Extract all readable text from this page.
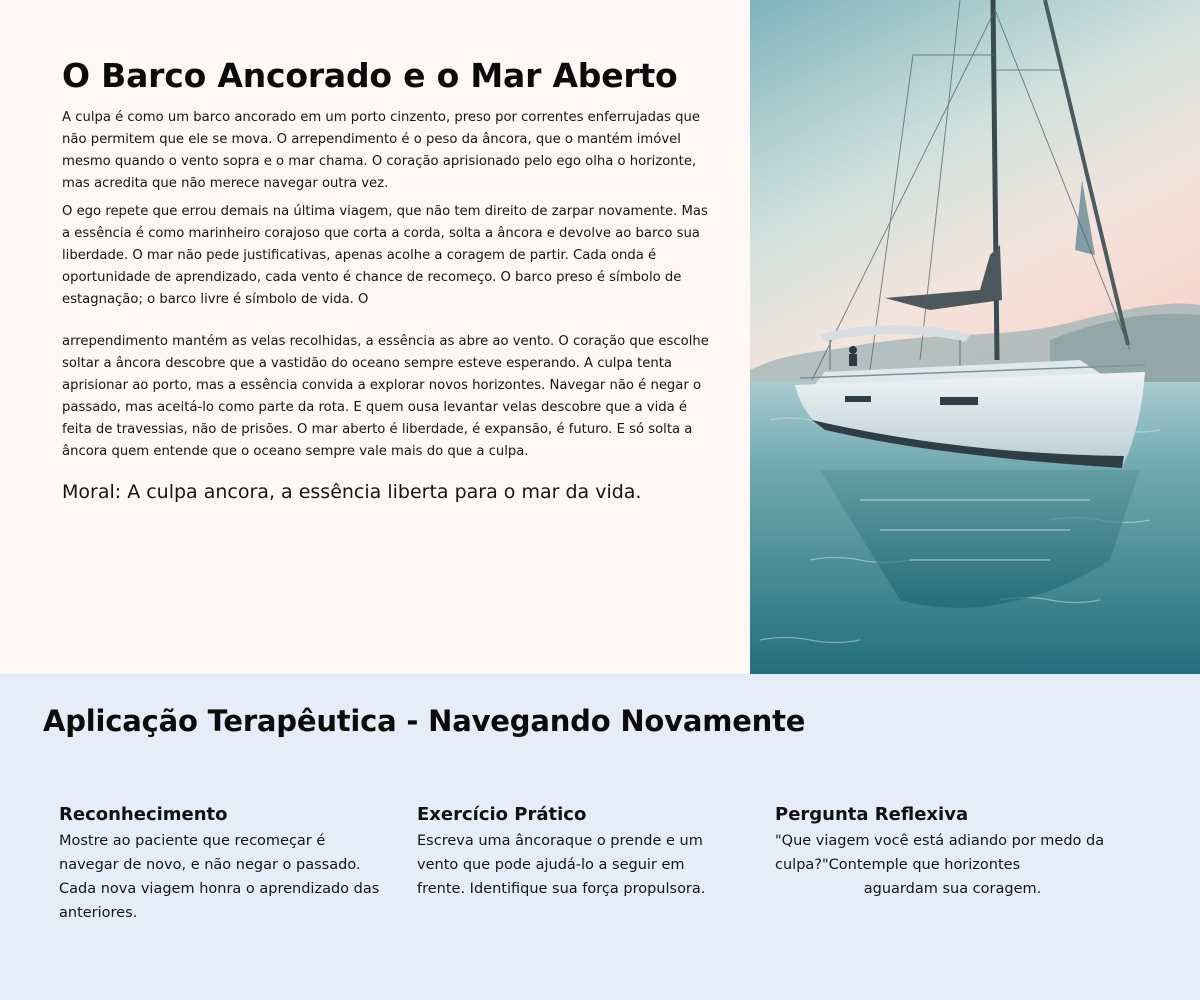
O Barco Ancorado e o Mar Aberto

A culpa é como um barco ancorado em um porto cinzento, preso por correntes enferrujadas que não permitem que ele se mova. O arrependimento é o peso da âncora, que o mantém imóvel mesmo quando o vento sopra e o mar chama. O coração aprisionado pelo ego olha o horizonte, mas acredita que não merece navegar outra vez.

O ego repete que errou demais na última viagem, que não tem direito de zarpar novamente. Mas a essência é como marinheiro corajoso que corta a corda, solta a âncora e devolve ao barco sua liberdade. O mar não pede justificativas, apenas acolhe a coragem de partir. Cada onda é oportunidade de aprendizado, cada vento é chance de recomeço. O barco preso é símbolo de estagnação; o barco livre é símbolo de vida. O

arrependimento mantém as velas recolhidas, a essência as abre ao vento. O coração que escolhe soltar a âncora descobre que a vastidão do oceano sempre esteve esperando. A culpa tenta aprisionar ao porto, mas a essência convida a explorar novos horizontes. Navegar não é negar o passado, mas aceitá-lo como parte da rota. E quem ousa levantar velas descobre que a vida é feita de travessias, não de prisões. O mar aberto é liberdade, é expansão, é futuro. E só solta a âncora quem entende que o oceano sempre vale mais do que a culpa.

Moral: A culpa ancora, a essência liberta para o mar da vida.
Aplicação Terapêutica - Navegando Novamente
Reconhecimento

Mostre ao paciente que recomeçar é navegar de novo, e não negar o passado. Cada nova viagem honra o aprendizado das anteriores.

Exercício Prático

Escreva uma âncoraque o prende e um vento que pode ajudá-lo a seguir em frente. Identifique sua força propulsora.

Pergunta Reflexiva

"Que viagem você está adiando por medo da culpa?"Contemple que horizontes
aguardam sua coragem.
